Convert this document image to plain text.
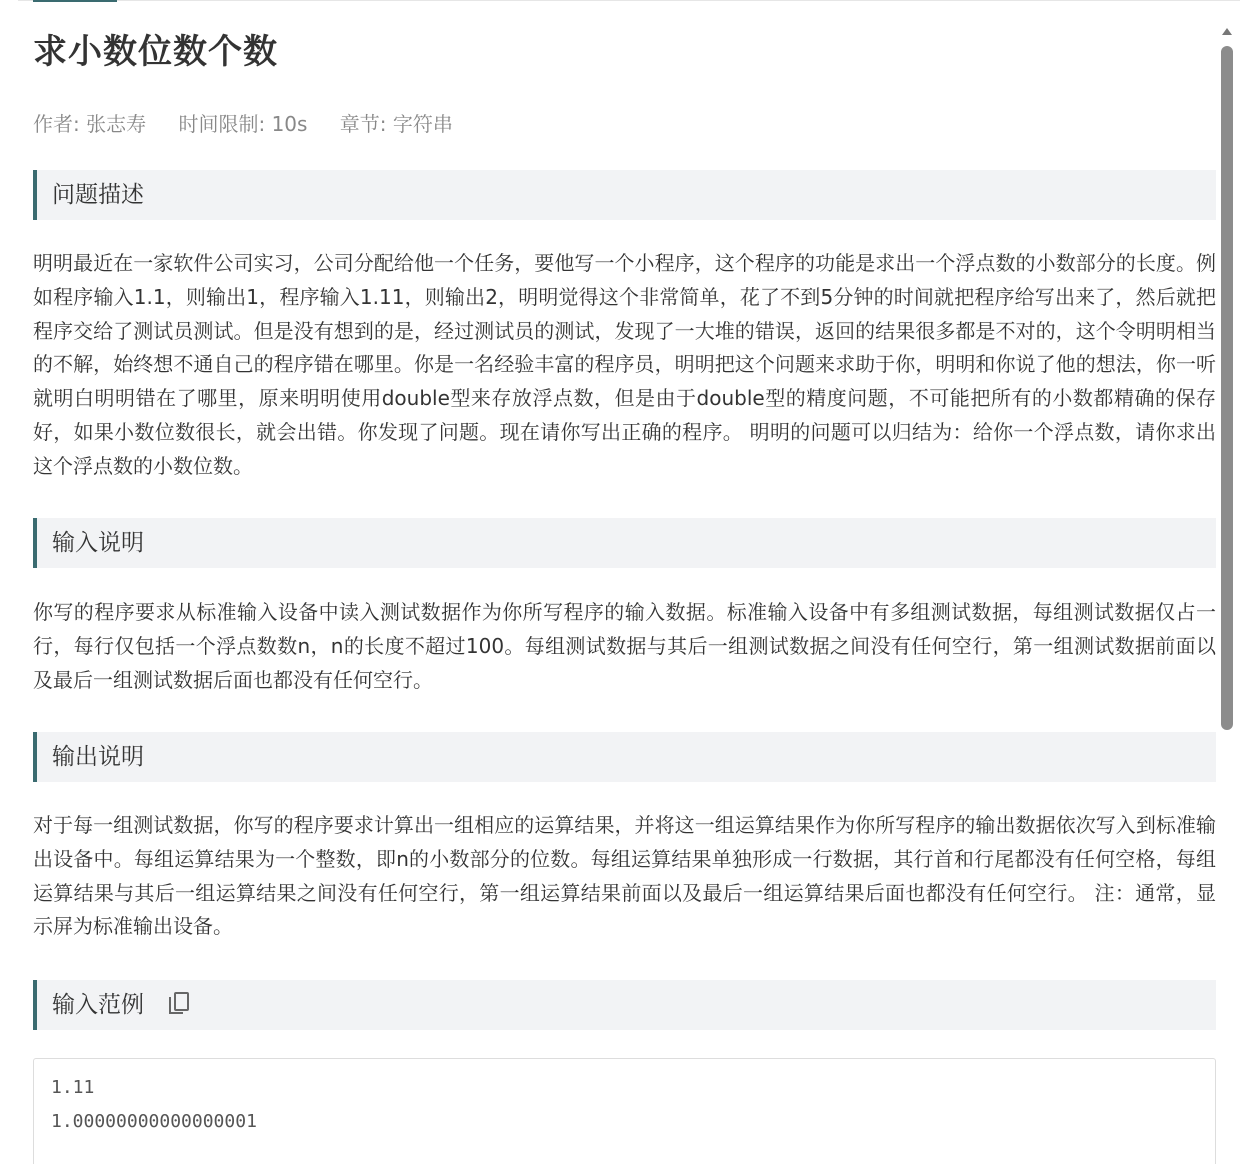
求小数位数个数
作者: 张志寿 时间限制: 10s 章节: 字符串
问题描述

明明最近在一家软件公司实习，公司分配给他一个任务，要他写一个小程序，这个程序的功能是求出一个浮点数的小数部分的长度。例如程序输入1.1，则输出1，程序输入1.11，则输出2，明明觉得这个非常简单，花了不到5分钟的时间就把程序给写出来了，然后就把程序交给了测试员测试。但是没有想到的是，经过测试员的测试，发现了一大堆的错误，返回的结果很多都是不对的，这个令明明相当的不解，始终想不通自己的程序错在哪里。你是一名经验丰富的程序员，明明把这个问题来求助于你，明明和你说了他的想法，你一听就明白明明错在了哪里，原来明明使用double型来存放浮点数，但是由于double型的精度问题，不可能把所有的小数都精确的保存好，如果小数位数很长，就会出错。你发现了问题。现在请你写出正确的程序。 明明的问题可以归结为：给你一个浮点数，请你求出这个浮点数的小数位数。

输入说明

你写的程序要求从标准输入设备中读入测试数据作为你所写程序的输入数据。标准输入设备中有多组测试数据，每组测试数据仅占一行，每行仅包括一个浮点数数n，n的长度不超过100。每组测试数据与其后一组测试数据之间没有任何空行，第一组测试数据前面以及最后一组测试数据后面也都没有任何空行。

输出说明

对于每一组测试数据，你写的程序要求计算出一组相应的运算结果，并将这一组运算结果作为你所写程序的输出数据依次写入到标准输出设备中。每组运算结果为一个整数，即n的小数部分的位数。每组运算结果单独形成一行数据，其行首和行尾都没有任何空格，每组运算结果与其后一组运算结果之间没有任何空行，第一组运算结果前面以及最后一组运算结果后面也都没有任何空行。 注：通常，显示屏为标准输出设备。

输入范例
1.11
1.00000000000000001
